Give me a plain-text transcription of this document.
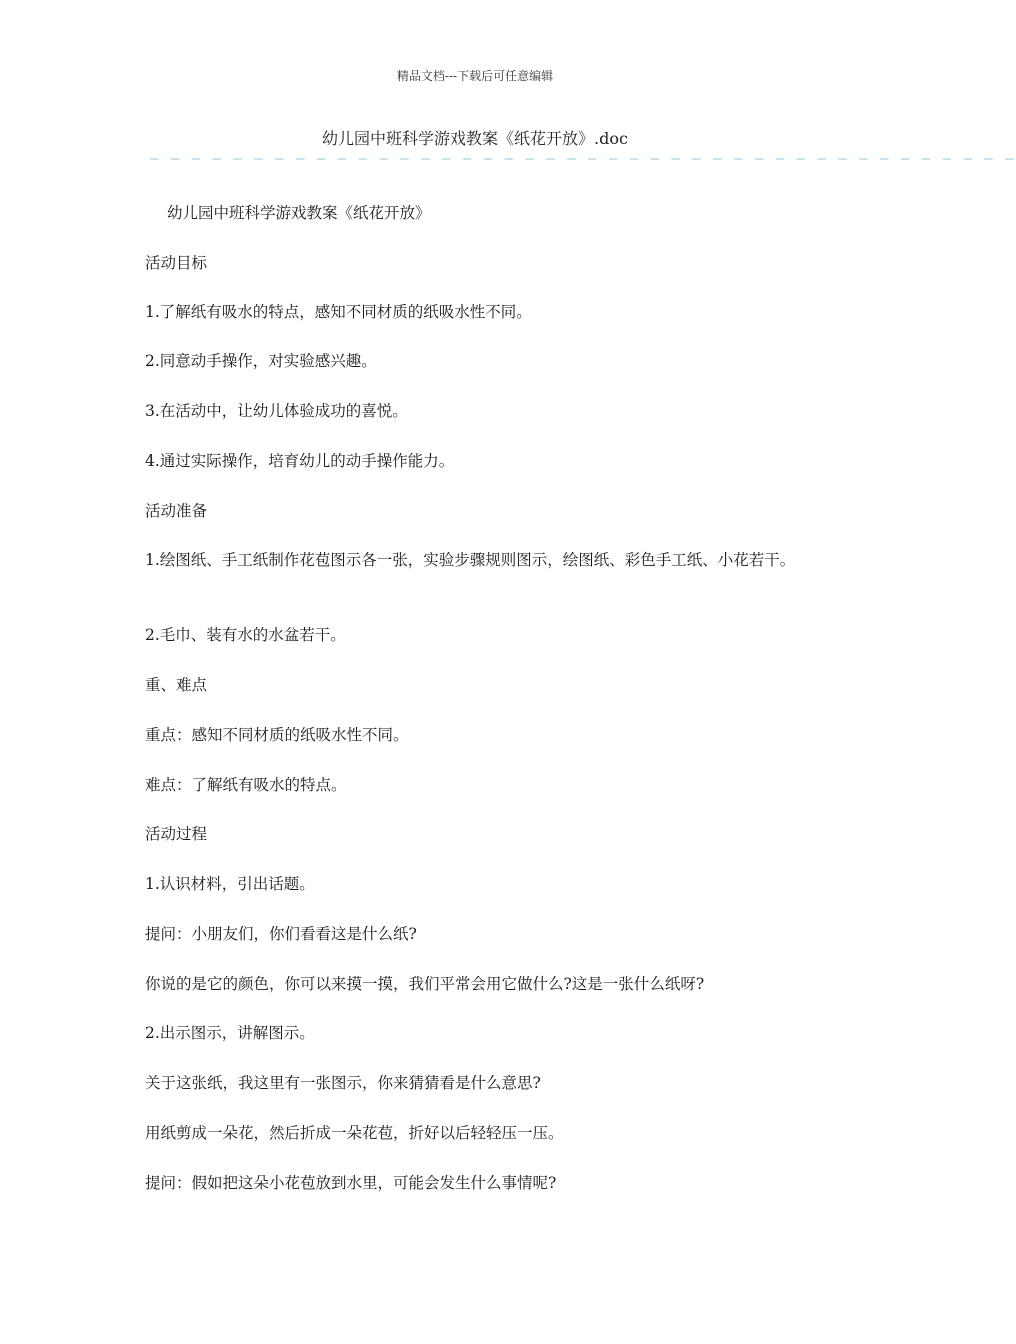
精品文档---下载后可任意编辑
幼儿园中班科学游戏教案《纸花开放》.doc
— — — — — — — — — — — — — — — — — — — — — — — — — — — — — — — — — — — — — — — — — —

幼儿园中班科学游戏教案《纸花开放》

活动目标

1.了解纸有吸水的特点，感知不同材质的纸吸水性不同。

2.同意动手操作，对实验感兴趣。

3.在活动中，让幼儿体验成功的喜悦。

4.通过实际操作，培育幼儿的动手操作能力。

活动准备

1.绘图纸、手工纸制作花苞图示各一张，实验步骤规则图示，绘图纸、彩色手工纸、小花若干。

2.毛巾、装有水的水盆若干。

重、难点

重点：感知不同材质的纸吸水性不同。

难点：了解纸有吸水的特点。

活动过程

1.认识材料，引出话题。

提问：小朋友们，你们看看这是什么纸?

你说的是它的颜色，你可以来摸一摸，我们平常会用它做什么?这是一张什么纸呀?

2.出示图示，讲解图示。

关于这张纸，我这里有一张图示，你来猜猜看是什么意思?

用纸剪成一朵花，然后折成一朵花苞，折好以后轻轻压一压。

提问：假如把这朵小花苞放到水里，可能会发生什么事情呢?
